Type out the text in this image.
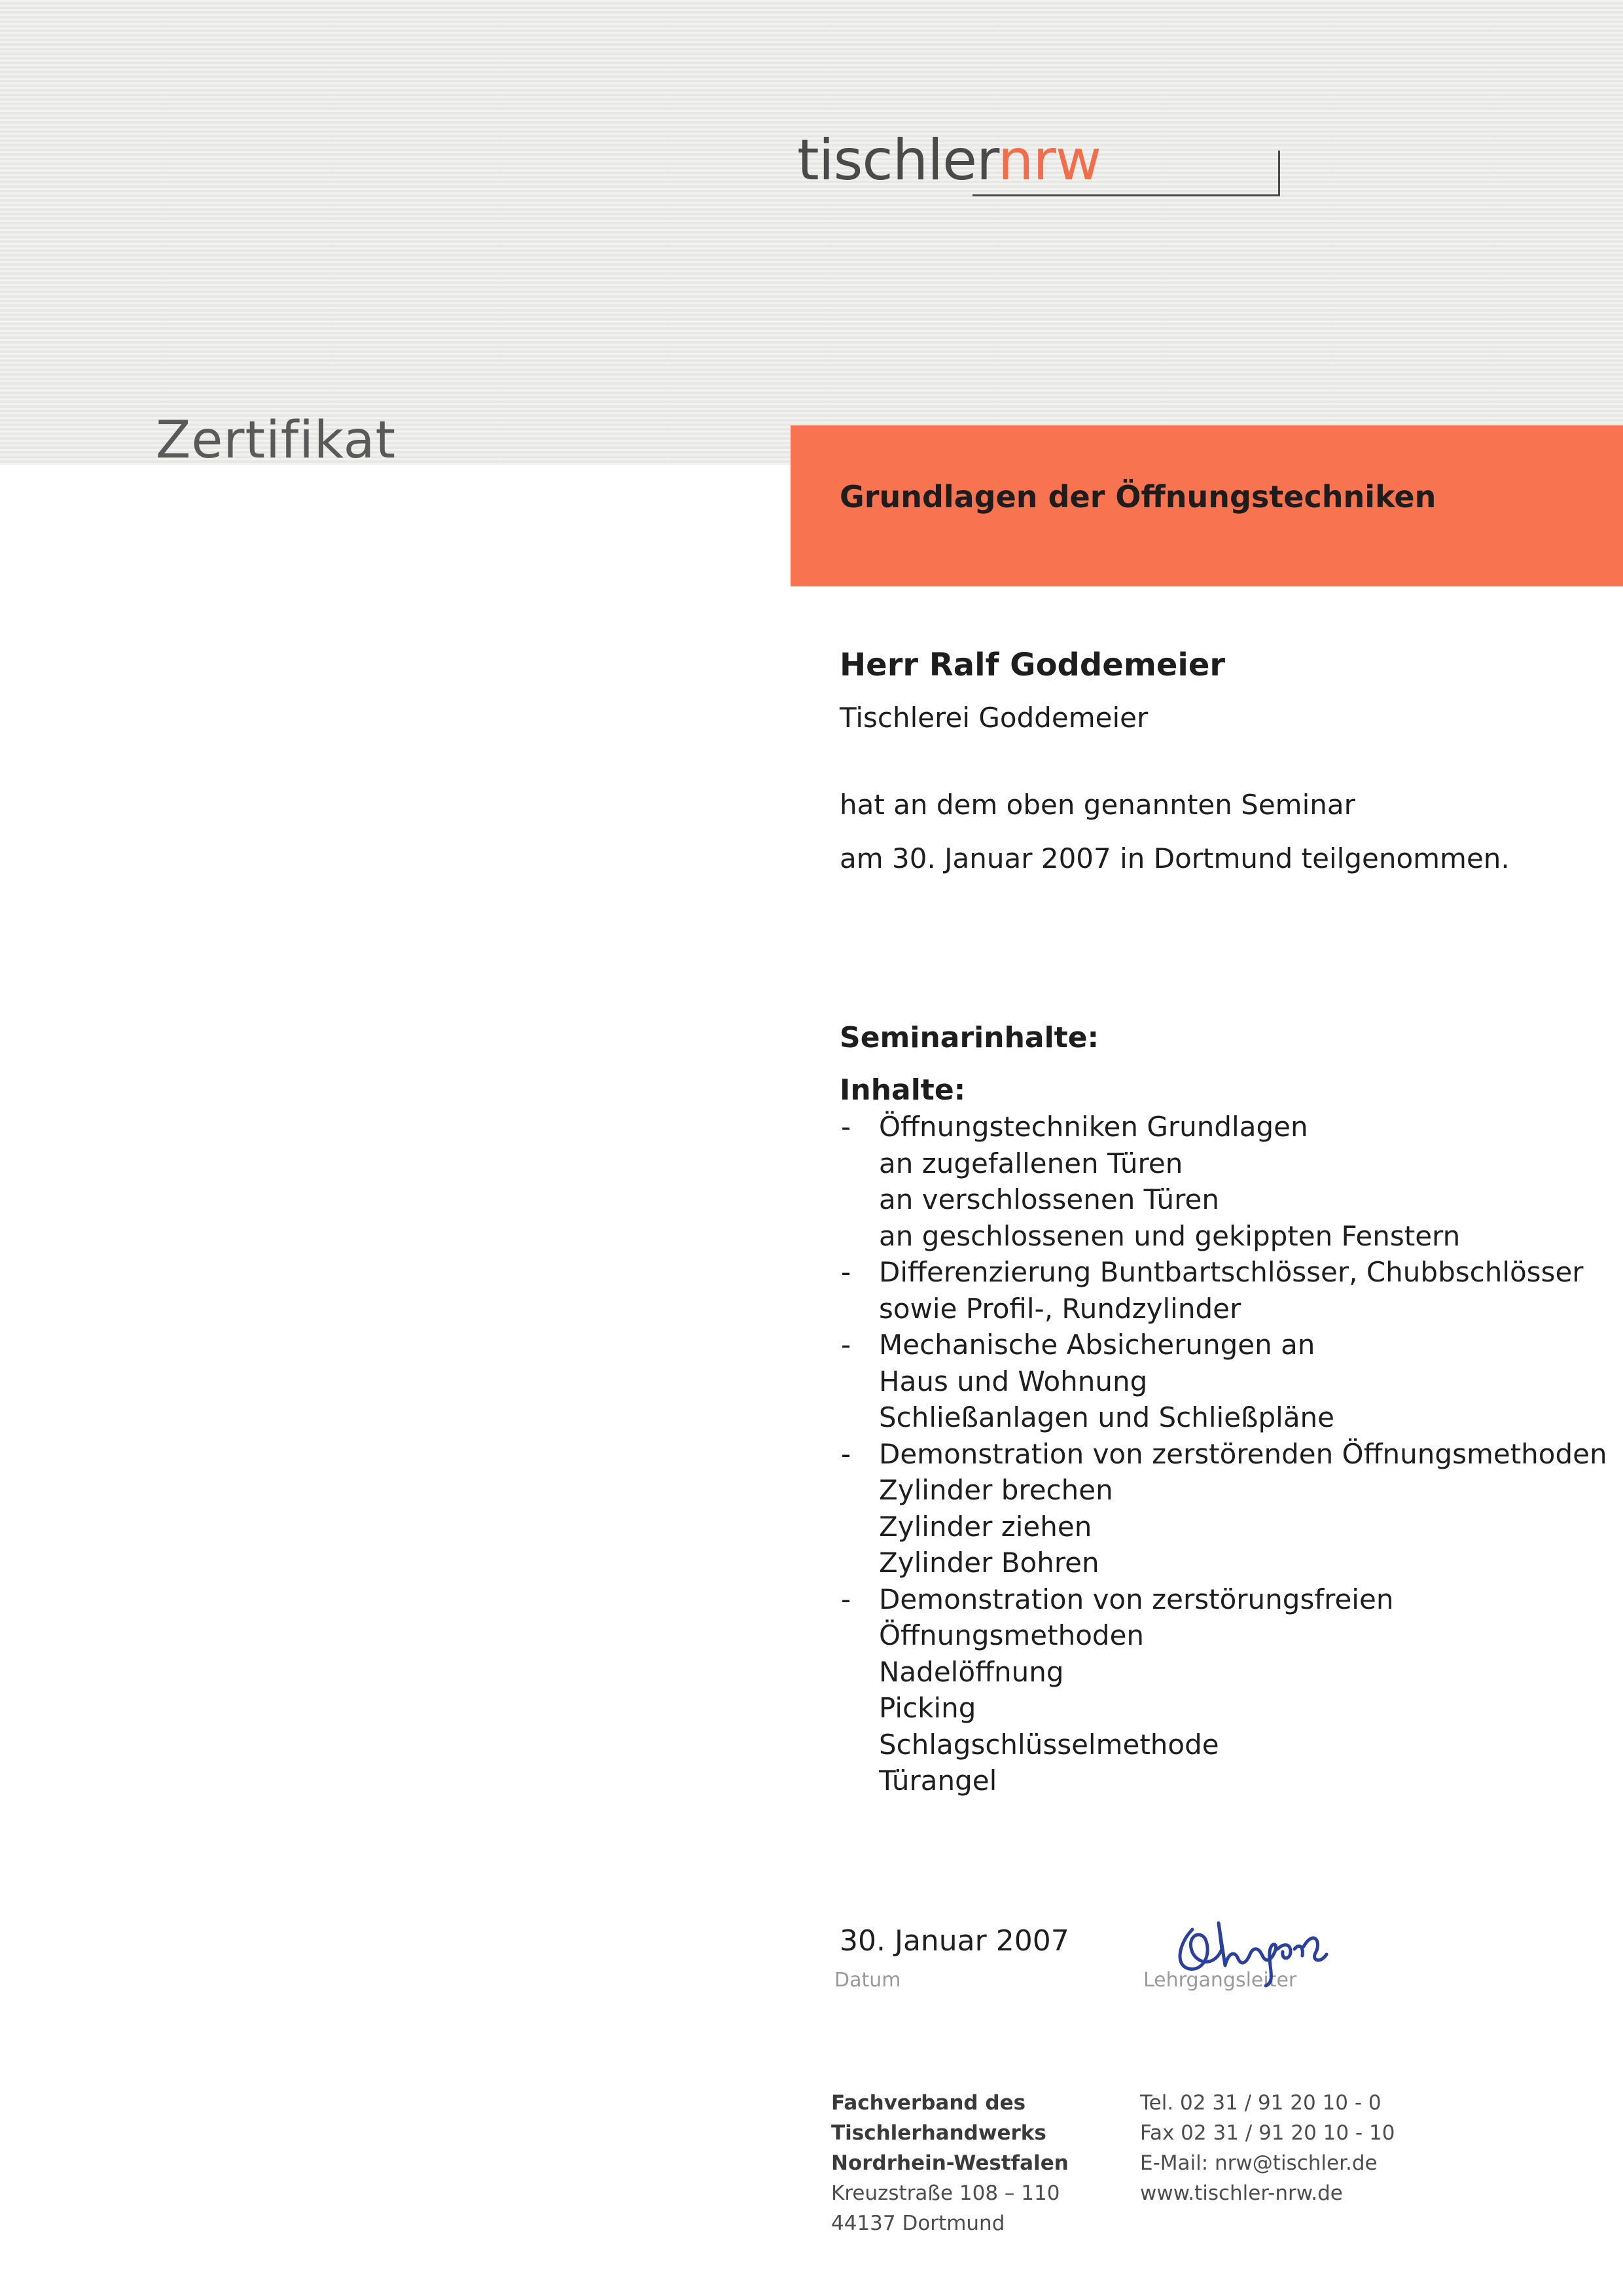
tischlernrw
Zertifikat
Grundlagen der Öffnungstechniken
Herr Ralf Goddemeier
Tischlerei Goddemeier
hat an dem oben genannten Seminar
am 30. Januar 2007 in Dortmund teilgenommen.
Seminarinhalte:
Inhalte:
- Öffnungstechniken Grundlagen
an zugefallenen Türen
an verschlossenen Türen
an geschlossenen und gekippten Fenstern
- Differenzierung Buntbartschlösser, Chubbschlösser
sowie Profil-, Rundzylinder
- Mechanische Absicherungen an
Haus und Wohnung
Schließanlagen und Schließpläne
- Demonstration von zerstörenden Öffnungsmethoden
Zylinder brechen
Zylinder ziehen
Zylinder Bohren
- Demonstration von zerstörungsfreien
Öffnungsmethoden
Nadelöffnung
Picking
Schlagschlüsselmethode
Türangel
30. Januar 2007
Datum	Lehrgangsleiter
Fachverband des
Tischlerhandwerks
Nordrhein-Westfalen
Kreuzstraße 108 – 110
44137 Dortmund
Tel. 02 31 / 91 20 10 - 0
Fax 02 31 / 91 20 10 - 10
E-Mail: nrw@tischler.de
www.tischler-nrw.de
